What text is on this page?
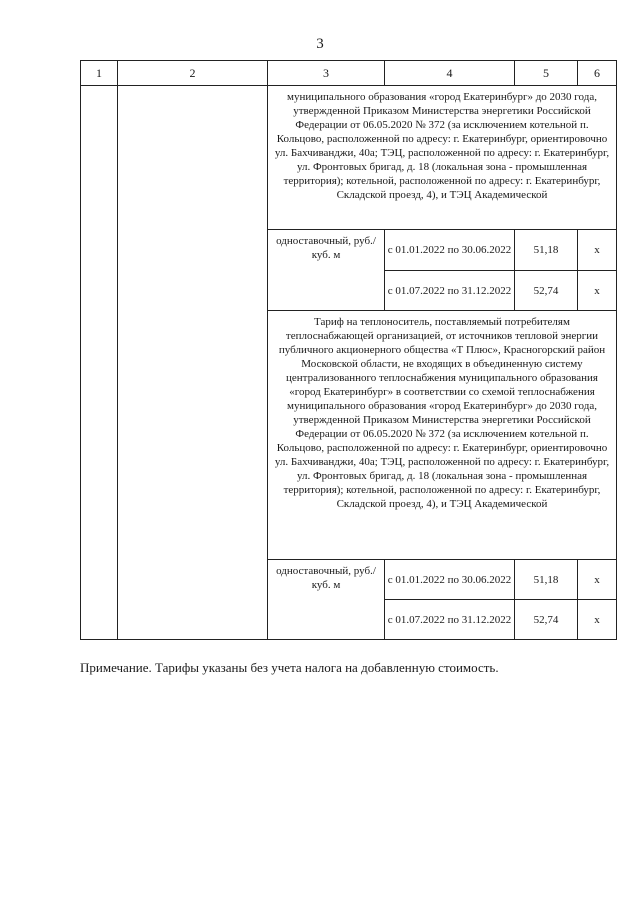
3
1	2	3	4	5	6
муниципального образования «город Екатеринбург» до 2030 года, утвержденной Приказом Министерства энергетики Российской Федерации от 06.05.2020 № 372 (за исключением котельной п. Кольцово, расположенной по адресу: г. Екатеринбург, ориентировочно ул. Бахчиванджи, 40а; ТЭЦ, расположенной по адресу: г. Екатеринбург, ул. Фронтовых бригад, д. 18 (локальная зона - промышленная территория); котельной, расположенной по адресу: г. Екатеринбург, Складской проезд, 4), и ТЭЦ Академической
одноставочный, руб./куб. м	с 01.01.2022 по 30.06.2022	51,18	x
с 01.07.2022 по 31.12.2022	52,74	x
Тариф на теплоноситель, поставляемый потребителям теплоснабжающей организацией, от источников тепловой энергии публичного акционерного общества «Т Плюс», Красногорский район Московской области, не входящих в объединенную систему централизованного теплоснабжения муниципального образования «город Екатеринбург» в соответствии со схемой теплоснабжения муниципального образования «город Екатеринбург» до 2030 года, утвержденной Приказом Министерства энергетики Российской Федерации от 06.05.2020 № 372 (за исключением котельной п. Кольцово, расположенной по адресу: г. Екатеринбург, ориентировочно ул. Бахчиванджи, 40а; ТЭЦ, расположенной по адресу: г. Екатеринбург, ул. Фронтовых бригад, д. 18 (локальная зона - промышленная территория); котельной, расположенной по адресу: г. Екатеринбург, Складской проезд, 4), и ТЭЦ Академической
одноставочный, руб./куб. м	с 01.01.2022 по 30.06.2022	51,18	x
с 01.07.2022 по 31.12.2022	52,74	x
Примечание. Тарифы указаны без учета налога на добавленную стоимость.
